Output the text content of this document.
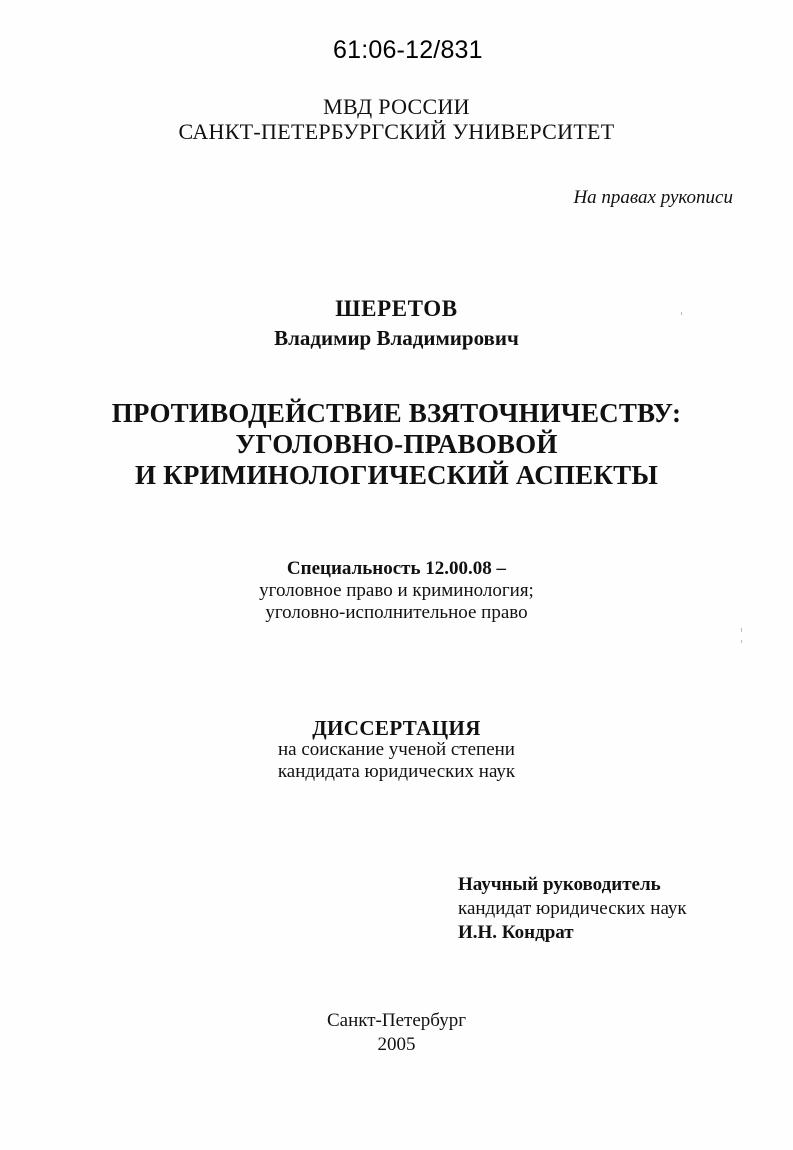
61:06-12/831
МВД РОССИИ
САНКТ-ПЕТЕРБУРГСКИЙ УНИВЕРСИТЕТ
На правах рукописи
ШЕРЕТОВ
Владимир Владимирович
ПРОТИВОДЕЙСТВИЕ ВЗЯТОЧНИЧЕСТВУ:
УГОЛОВНО-ПРАВОВОЙ
И КРИМИНОЛОГИЧЕСКИЙ АСПЕКТЫ
Специальность 12.00.08 –
уголовное право и криминология;
уголовно-исполнительное право
ДИССЕРТАЦИЯ
на соискание ученой степени
кандидата юридических наук
Научный руководитель
кандидат юридических наук
И.Н. Кондрат
Санкт-Петербург
2005
